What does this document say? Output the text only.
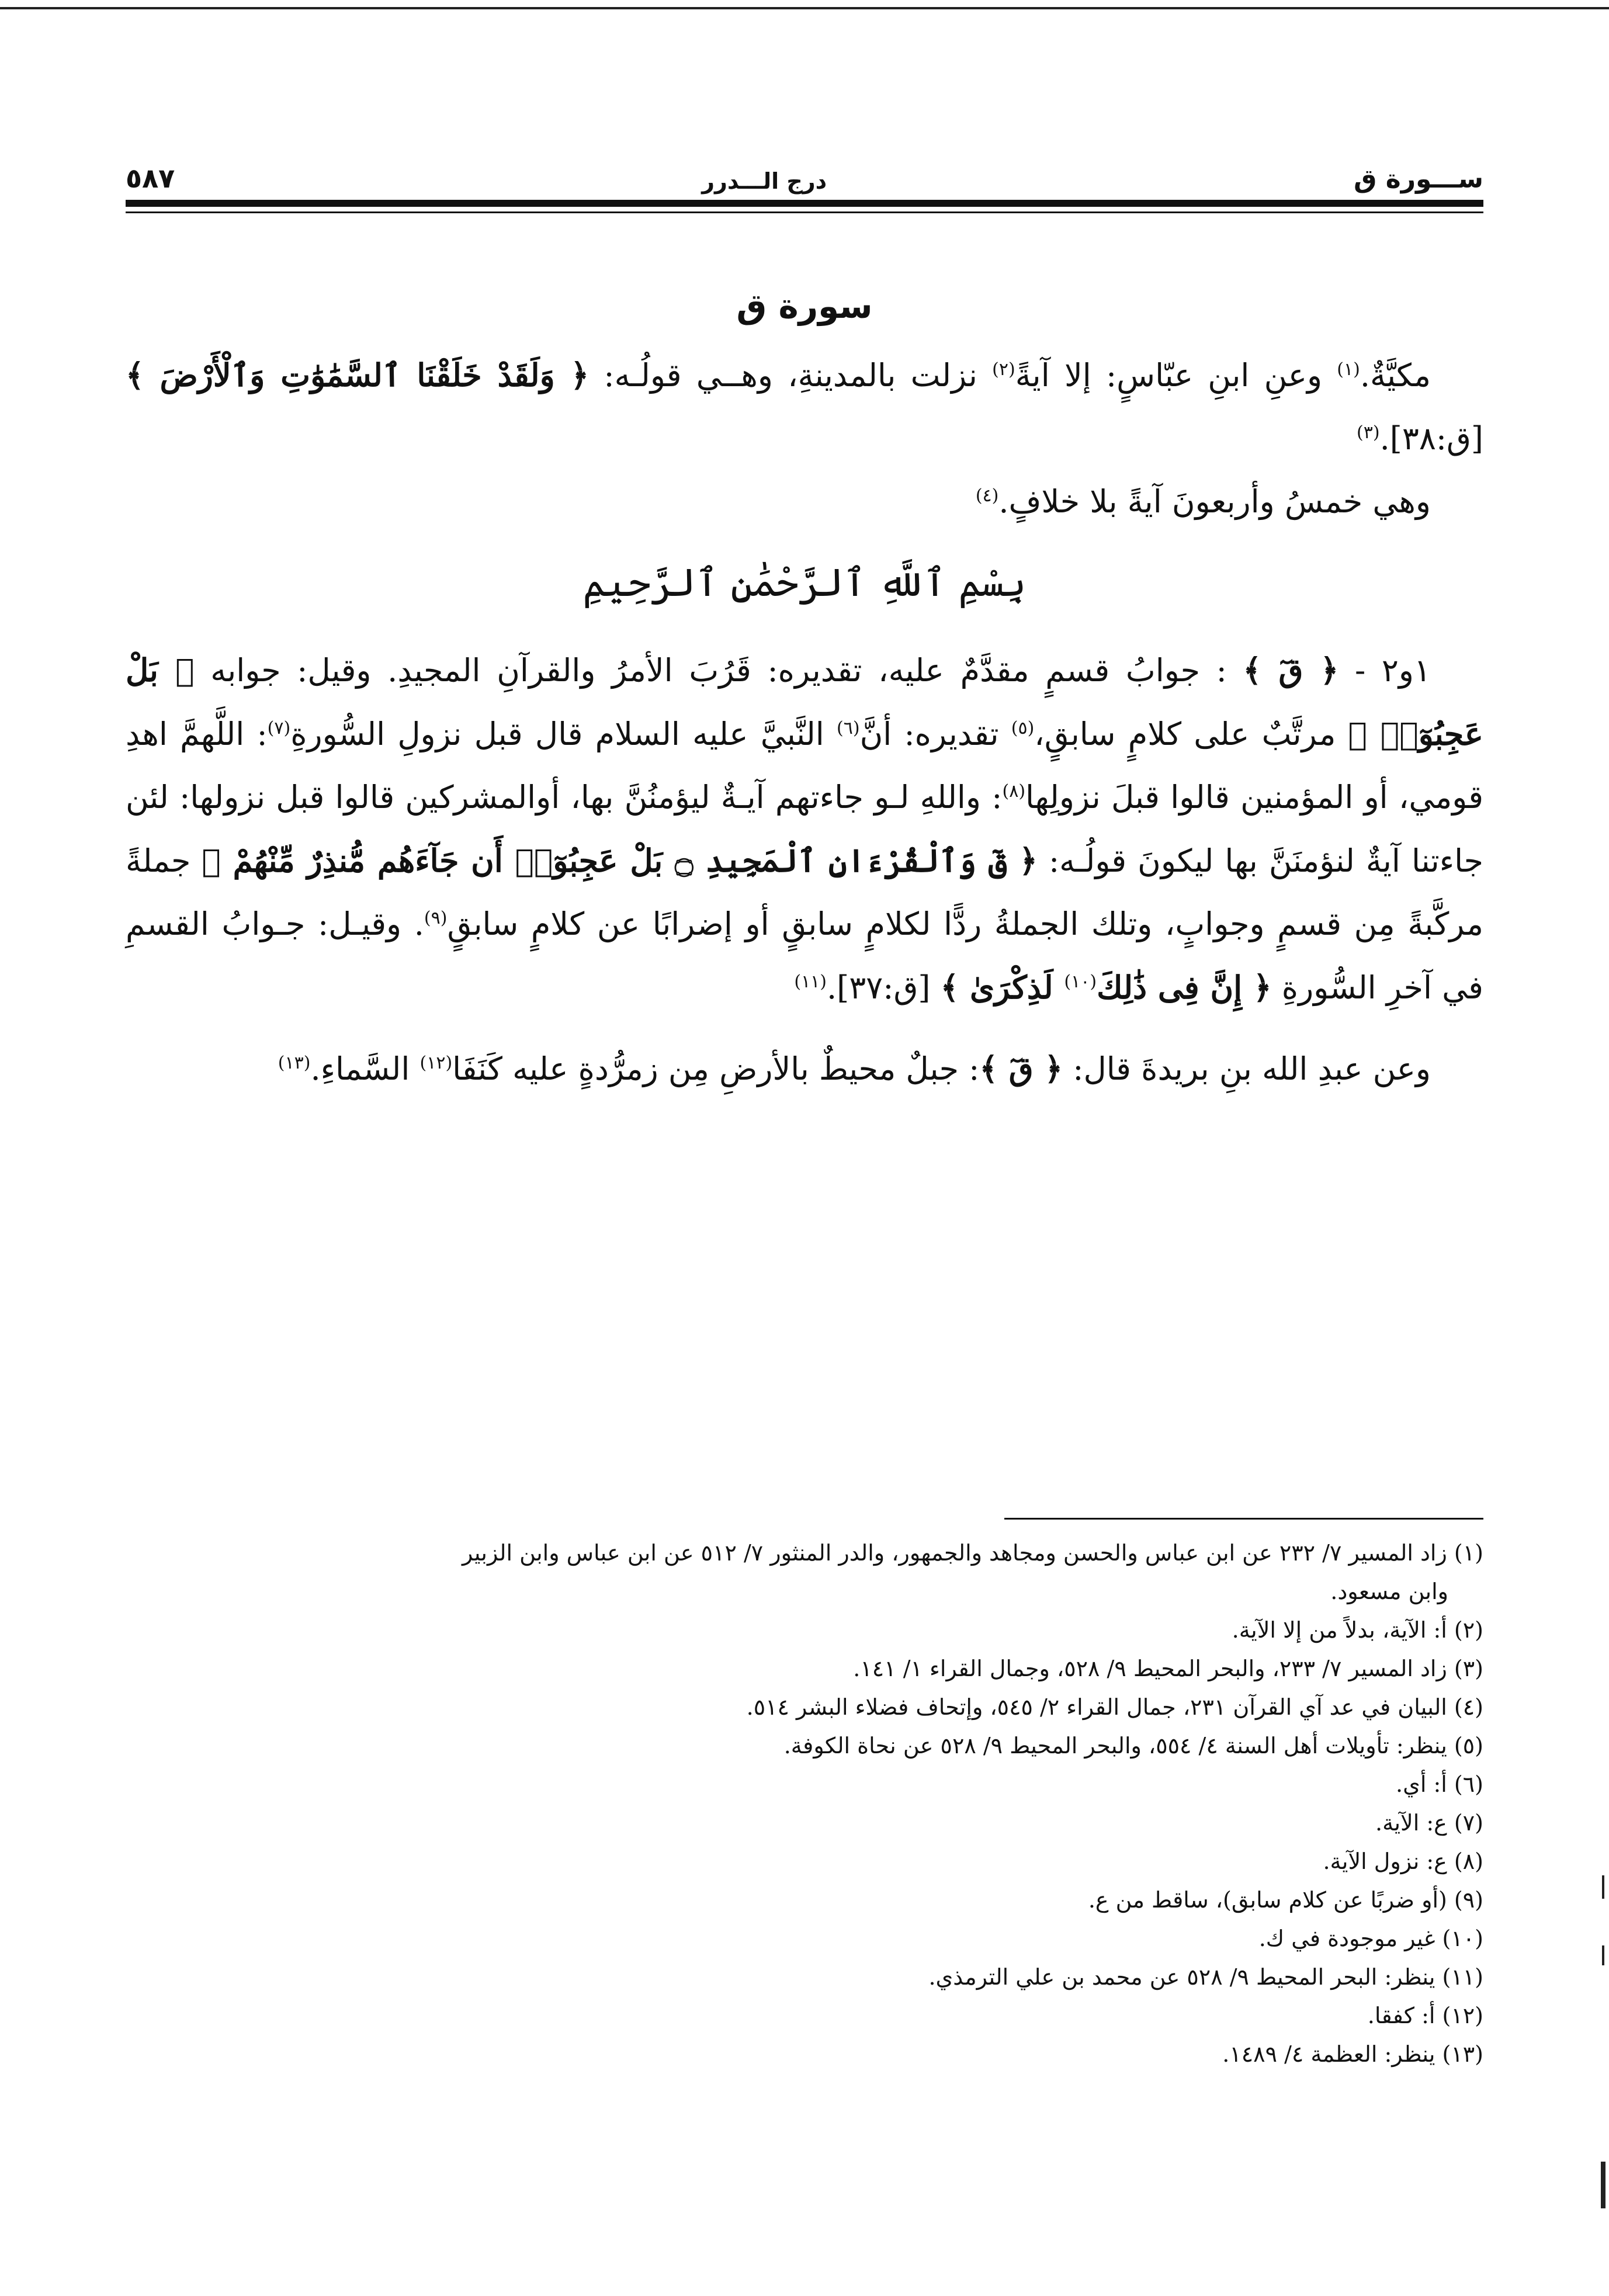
ســـورة ق
درج الـــدرر
٥٨٧
سورة ق

مكيَّةٌ.$^{(١)}$ وعنِ ابنِ عبّاسٍ: إلا آيةً$^{(٢)}$ نزلت بالمدينةِ، وهــي قولُـه: ﴿ وَلَقَدْ خَلَقْنَا ٱلسَّمَٰوَٰتِ وَٱلْأَرْضَ ﴾ [ق:٣٨].$^{(٣)}$

وهي خمسُ وأربعونَ آيةً بلا خلافٍ.$^{(٤)}$

بِسْمِ ٱللَّهِ ٱلرَّحْمَٰنِ ٱلرَّحِيمِ

١و٢ - ﴿ قٓ ﴾ : جوابُ قسمٍ مقدَّمٌ عليه، تقديره: قَرُبَ الأمرُ والقرآنِ المجيدِ. وقيل: جوابه ﴿ بَلْ عَجِبُوٓا۟ ﴾ مرتَّبٌ على كلامٍ سابقٍ،$^{(٥)}$ تقديره: أنَّ$^{(٦)}$ النَّبيَّ عليه السلام قال قبل نزولِ السُّورةِ$^{(٧)}$: اللَّهمَّ اهدِ قومي، أو المؤمنين قالوا قبلَ نزولِها$^{(٨)}$: واللهِ لـو جاءتهم آيـةٌ ليؤمنُنَّ بها، أوالمشركين قالوا قبل نزولها: لئن جاءتنا آيةٌ لنؤمنَنَّ بها ليكونَ قولُـه: ﴿ قٓ وَٱلْقُرْءَانِ ٱلْمَجِيدِ ۝ بَلْ عَجِبُوٓا۟ أَن جَآءَهُم مُّنذِرٌ مِّنْهُمْ ﴾ جملةً مركَّبةً مِن قسمٍ وجوابٍ، وتلك الجملةُ ردًّا لكلامٍ سابقٍ أو إضرابًا عن كلامٍ سابقٍ$^{(٩)}$. وقيـل: جـوابُ القسمِ في آخرِ السُّورةِ ﴿ إِنَّ فِى ذَٰلِكَ$^{(١٠)}$ لَذِكْرَىٰ ﴾ [ق:٣٧].$^{(١١)}$

وعن عبدِ الله بنِ بريدةَ قال: ﴿ قٓ ﴾: جبلٌ محيطٌ بالأرضِ مِن زمرُّدةٍ عليه كَنَفَا$^{(١٢)}$ السَّماءِ.$^{(١٣)}$

(١) زاد المسير ٧/ ٢٣٢ عن ابن عباس والحسن ومجاهد والجمهور، والدر المنثور ٧/ ٥١٢ عن ابن عباس وابن الزبير

وابن مسعود.

(٢) أ: الآية، بدلاً من إلا الآية.

(٣) زاد المسير ٧/ ٢٣٣، والبحر المحيط ٩/ ٥٢٨، وجمال القراء ١/ ١٤١.

(٤) البيان في عد آي القرآن ٢٣١، جمال القراء ٢/ ٥٤٥، وإتحاف فضلاء البشر ٥١٤.

(٥) ينظر: تأويلات أهل السنة ٤/ ٥٥٤، والبحر المحيط ٩/ ٥٢٨ عن نحاة الكوفة.

(٦) أ: أي.

(٧) ع: الآية.

(٨) ع: نزول الآية.

(٩) (أو ضربًا عن كلام سابق)، ساقط من ع.

(١٠) غير موجودة في ك.

(١١) ينظر: البحر المحيط ٩/ ٥٢٨ عن محمد بن علي الترمذي.

(١٢) أ: كفقا.

(١٣) ينظر: العظمة ٤/ ١٤٨٩.
